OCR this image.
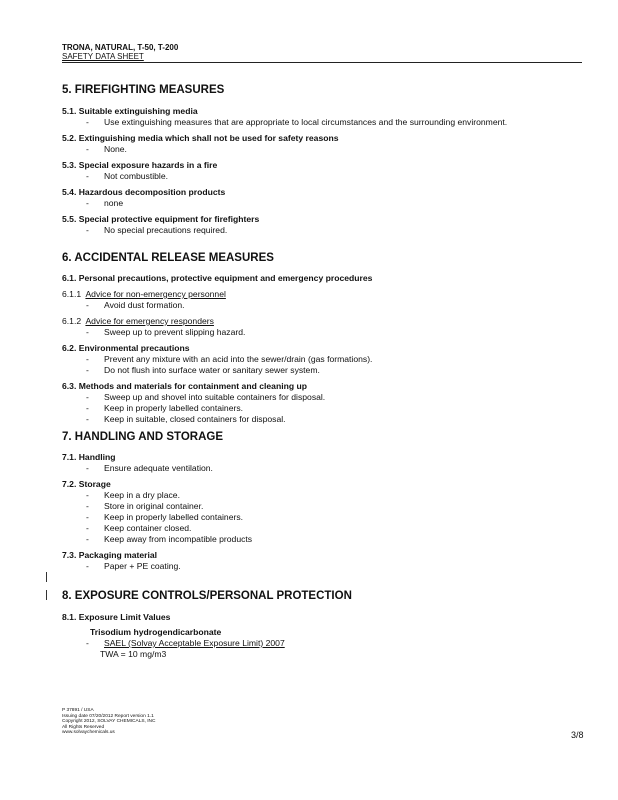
TRONA, NATURAL, T-50, T-200
SAFETY DATA SHEET
5. FIREFIGHTING MEASURES
5.1. Suitable extinguishing media
-	Use extinguishing measures that are appropriate to local circumstances and the surrounding environment.
5.2. Extinguishing media which shall not be used for safety reasons
-	None.
5.3. Special exposure hazards in a fire
-	Not combustible.
5.4. Hazardous decomposition products
-	none
5.5. Special protective equipment for firefighters
-	No special precautions required.
6. ACCIDENTAL RELEASE MEASURES
6.1. Personal precautions, protective equipment and emergency procedures
6.1.1 Advice for non-emergency personnel
-	Avoid dust formation.
6.1.2 Advice for emergency responders
-	Sweep up to prevent slipping hazard.
6.2. Environmental precautions
-	Prevent any mixture with an acid into the sewer/drain (gas formations).
-	Do not flush into surface water or sanitary sewer system.
6.3. Methods and materials for containment and cleaning up
-	Sweep up and shovel into suitable containers for disposal.
-	Keep in properly labelled containers.
-	Keep in suitable, closed containers for disposal.
7. HANDLING AND STORAGE
7.1. Handling
-	Ensure adequate ventilation.
7.2. Storage
-	Keep in a dry place.
-	Store in original container.
-	Keep in properly labelled containers.
-	Keep container closed.
-	Keep away from incompatible products
7.3. Packaging material
-	Paper + PE coating.
8. EXPOSURE CONTROLS/PERSONAL PROTECTION
8.1. Exposure Limit Values
Trisodium hydrogendicarbonate
-	SAEL (Solvay Acceptable Exposure Limit) 2007
TWA = 10 mg/m3
P 37891 / USA
Issuing date 07/20/2012 Report version 1.1
Copyright 2012, SOLVAY CHEMICALS, INC
All Rights Reserved
www.solvaychemicals.us	3/8
